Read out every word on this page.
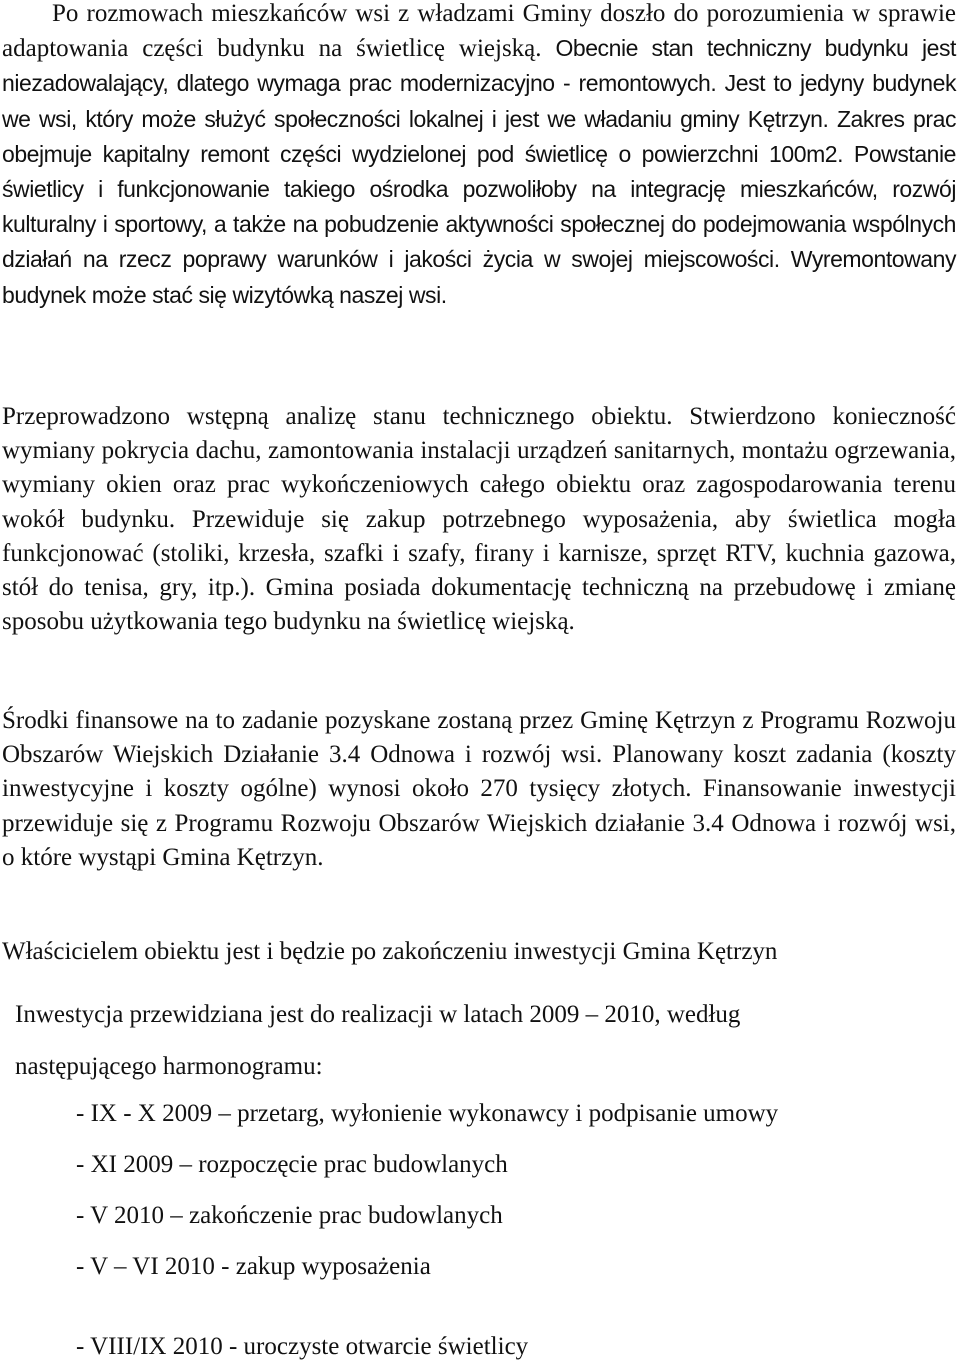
Po rozmowach mieszkańców wsi z władzami Gminy doszło do porozumienia w sprawie adaptowania części budynku na świetlicę wiejską. Obecnie stan techniczny budynku jest niezadowalający, dlatego wymaga prac modernizacyjno - remontowych. Jest to jedyny budynek we wsi, który może służyć społeczności lokalnej i jest we władaniu gminy Kętrzyn. Zakres prac obejmuje kapitalny remont części wydzielonej pod świetlicę o powierzchni 100m2. Powstanie świetlicy i funkcjonowanie takiego ośrodka pozwoliłoby na integrację mieszkańców, rozwój kulturalny i sportowy, a także na pobudzenie aktywności społecznej do podejmowania wspólnych działań na rzecz poprawy warunków i jakości życia w swojej miejscowości. Wyremontowany budynek może stać się wizytówką naszej wsi.

Przeprowadzono wstępną analizę stanu technicznego obiektu. Stwierdzono konieczność wymiany pokrycia dachu, zamontowania instalacji urządzeń sanitarnych, montażu ogrzewania, wymiany okien oraz prac wykończeniowych całego obiektu oraz zagospodarowania terenu wokół budynku. Przewiduje się zakup potrzebnego wyposażenia, aby świetlica mogła funkcjonować (stoliki, krzesła, szafki i szafy, firany i karnisze, sprzęt RTV, kuchnia gazowa, stół do tenisa, gry, itp.). Gmina posiada dokumentację techniczną na przebudowę i zmianę sposobu użytkowania tego budynku na świetlicę wiejską.

Środki finansowe na to zadanie pozyskane zostaną przez Gminę Kętrzyn z Programu Rozwoju Obszarów Wiejskich Działanie 3.4 Odnowa i rozwój wsi. Planowany koszt zadania (koszty inwestycyjne i koszty ogólne) wynosi około 270 tysięcy złotych. Finansowanie inwestycji przewiduje się z Programu Rozwoju Obszarów Wiejskich działanie 3.4 Odnowa i rozwój wsi, o które wystąpi Gmina Kętrzyn.

Właścicielem obiektu jest i będzie po zakończeniu inwestycji Gmina Kętrzyn

Inwestycja przewidziana jest do realizacji w latach 2009 – 2010, według

następującego harmonogramu:

- IX - X 2009 – przetarg, wyłonienie wykonawcy i podpisanie umowy
- XI 2009 – rozpoczęcie prac budowlanych
- V 2010 – zakończenie prac budowlanych
- V – VI 2010 - zakup wyposażenia
- VIII/IX 2010 - uroczyste otwarcie świetlicy
